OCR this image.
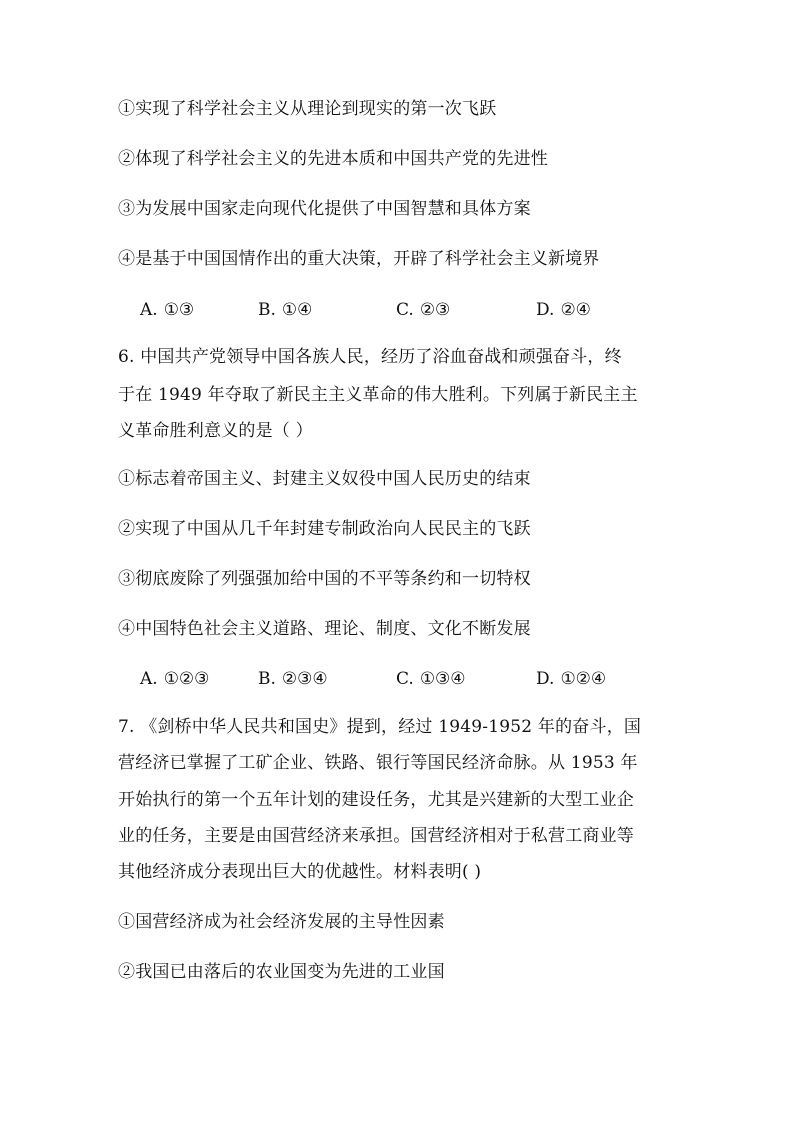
①实现了科学社会主义从理论到现实的第一次飞跃
②体现了科学社会主义的先进本质和中国共产党的先进性
③为发展中国家走向现代化提供了中国智慧和具体方案
④是基于中国国情作出的重大决策，开辟了科学社会主义新境界
A. ①③	B. ①④	C. ②③	D. ②④
6. 中国共产党领导中国各族人民，经历了浴血奋战和顽强奋斗，终
于在 1949 年夺取了新民主主义革命的伟大胜利。下列属于新民主主
义革命胜利意义的是（ ）
①标志着帝国主义、封建主义奴役中国人民历史的结束
②实现了中国从几千年封建专制政治向人民民主的飞跃
③彻底废除了列强强加给中国的不平等条约和一切特权
④中国特色社会主义道路、理论、制度、文化不断发展
A. ①②③	B. ②③④	C. ①③④	D. ①②④
7. 《剑桥中华人民共和国史》提到，经过 1949-1952 年的奋斗，国
营经济已掌握了工矿企业、铁路、银行等国民经济命脉。从 1953 年
开始执行的第一个五年计划的建设任务，尤其是兴建新的大型工业企
业的任务，主要是由国营经济来承担。国营经济相对于私营工商业等
其他经济成分表现出巨大的优越性。材料表明( )
①国营经济成为社会经济发展的主导性因素
②我国已由落后的农业国变为先进的工业国
